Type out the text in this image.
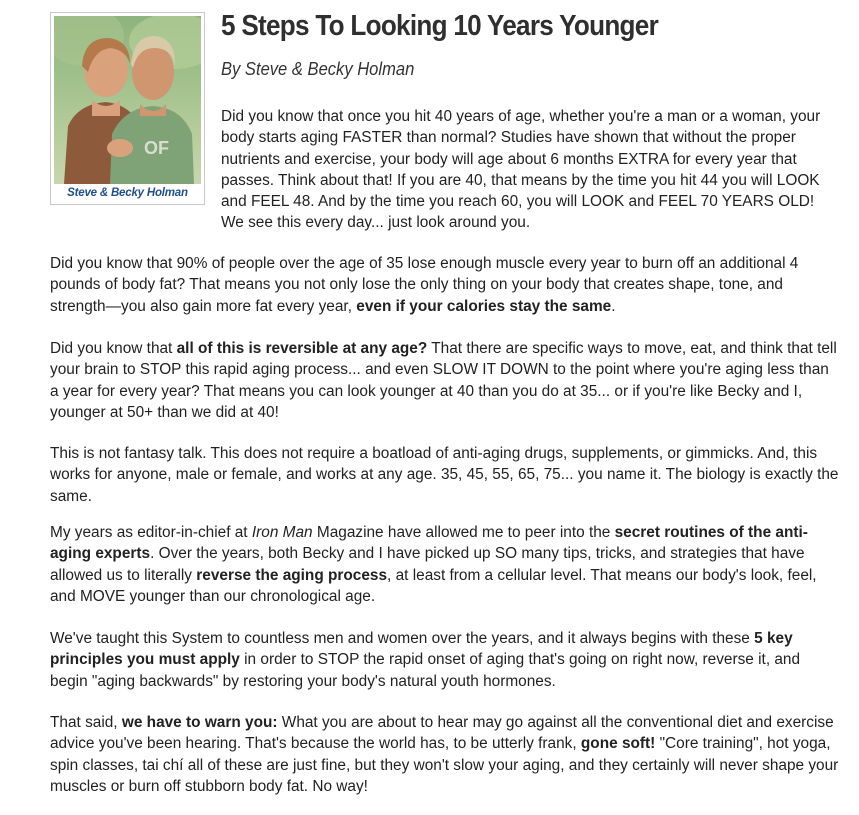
OF
Steve & Becky Holman
5 Steps To Looking 10 Years Younger

By Steve & Becky Holman

Did you know that once you hit 40 years of age, whether you're a man or a woman, your body starts aging FASTER than normal? Studies have shown that without the proper nutrients and exercise, your body will age about 6 months EXTRA for every year that passes. Think about that! If you are 40, that means by the time you hit 44 you will LOOK and FEEL 48. And by the time you reach 60, you will LOOK and FEEL 70 YEARS OLD! We see this every day... just look around you.

Did you know that 90% of people over the age of 35 lose enough muscle every year to burn off an additional 4 pounds of body fat? That means you not only lose the only thing on your body that creates shape, tone, and strength—you also gain more fat every year, even if your calories stay the same.

Did you know that all of this is reversible at any age? That there are specific ways to move, eat, and think that tell your brain to STOP this rapid aging process... and even SLOW IT DOWN to the point where you're aging less than a year for every year? That means you can look younger at 40 than you do at 35... or if you're like Becky and I, younger at 50+ than we did at 40!

This is not fantasy talk. This does not require a boatload of anti-aging drugs, supplements, or gimmicks. And, this works for anyone, male or female, and works at any age. 35, 45, 55, 65, 75... you name it. The biology is exactly the same.

My years as editor-in-chief at Iron Man Magazine have allowed me to peer into the secret routines of the anti-aging experts. Over the years, both Becky and I have picked up SO many tips, tricks, and strategies that have allowed us to literally reverse the aging process, at least from a cellular level. That means our body's look, feel, and MOVE younger than our chronological age.

We've taught this System to countless men and women over the years, and it always begins with these 5 key principles you must apply in order to STOP the rapid onset of aging that's going on right now, reverse it, and begin "aging backwards" by restoring your body's natural youth hormones.

That said, we have to warn you: What you are about to hear may go against all the conventional diet and exercise advice you've been hearing. That's because the world has, to be utterly frank, gone soft! "Core training", hot yoga, spin classes, tai chí all of these are just fine, but they won't slow your aging, and they certainly will never shape your muscles or burn off stubborn body fat. No way!
